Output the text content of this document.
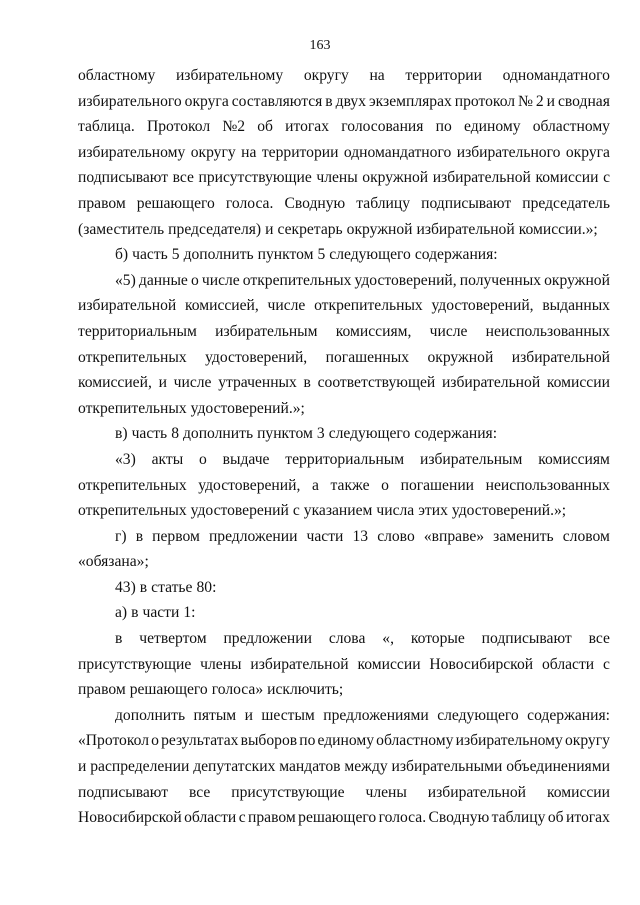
163
областному избирательному округу на территории одномандатного
избирательного округа составляются в двух экземплярах протокол № 2 и сводная
таблица. Протокол №2 об итогах голосования по единому областному
избирательному округу на территории одномандатного избирательного округа
подписывают все присутствующие члены окружной избирательной комиссии с
правом решающего голоса. Сводную таблицу подписывают председатель
(заместитель председателя) и секретарь окружной избирательной комиссии.»;
б) часть 5 дополнить пунктом 5 следующего содержания:
«5) данные о числе открепительных удостоверений, полученных окружной
избирательной комиссией, числе открепительных удостоверений, выданных
территориальным избирательным комиссиям, числе неиспользованных
открепительных удостоверений, погашенных окружной избирательной
комиссией, и числе утраченных в соответствующей избирательной комиссии
открепительных удостоверений.»;
в) часть 8 дополнить пунктом 3 следующего содержания:
«3) акты о выдаче территориальным избирательным комиссиям
открепительных удостоверений, а также о погашении неиспользованных
открепительных удостоверений с указанием числа этих удостоверений.»;
г) в первом предложении части 13 слово «вправе» заменить словом
«обязана»;
43) в статье 80:
а) в части 1:
в четвертом предложении слова «, которые подписывают все
присутствующие члены избирательной комиссии Новосибирской области с
правом решающего голоса» исключить;
дополнить пятым и шестым предложениями следующего содержания:
«Протокол о результатах выборов по единому областному избирательному округу
и распределении депутатских мандатов между избирательными объединениями
подписывают все присутствующие члены избирательной комиссии
Новосибирской области с правом решающего голоса. Сводную таблицу об итогах
